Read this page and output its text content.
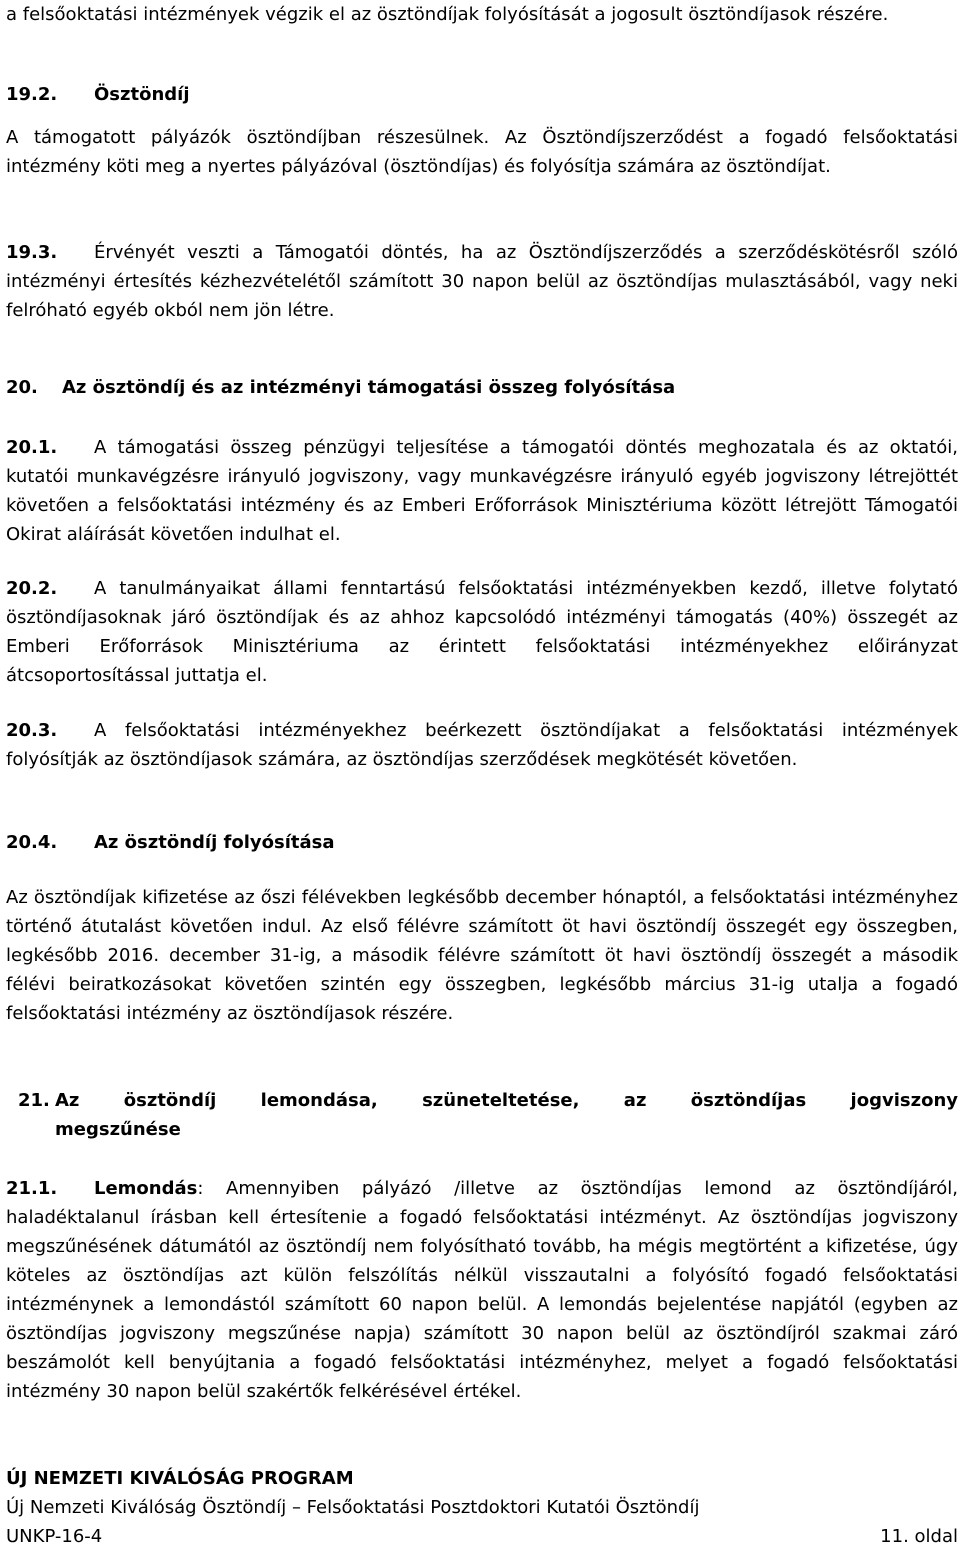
a felsőoktatási intézmények végzik el az ösztöndíjak folyósítását a jogosult ösztöndíjasok részére.
19.2. Ösztöndíj
A támogatott pályázók ösztöndíjban részesülnek. Az Ösztöndíjszerződést a fogadó felsőoktatási intézmény köti meg a nyertes pályázóval (ösztöndíjas) és folyósítja számára az ösztöndíjat.
19.3. Érvényét veszti a Támogatói döntés, ha az Ösztöndíjszerződés a szerződéskötésről szóló intézményi értesítés kézhezvételétől számított 30 napon belül az ösztöndíjas mulasztásából, vagy neki felróható egyéb okból nem jön létre.
20. Az ösztöndíj és az intézményi támogatási összeg folyósítása
20.1. A támogatási összeg pénzügyi teljesítése a támogatói döntés meghozatala és az oktatói, kutatói munkavégzésre irányuló jogviszony, vagy munkavégzésre irányuló egyéb jogviszony létrejöttét követően a felsőoktatási intézmény és az Emberi Erőforrások Minisztériuma között létrejött Támogatói Okirat aláírását követően indulhat el.
20.2. A tanulmányaikat állami fenntartású felsőoktatási intézményekben kezdő, illetve folytató ösztöndíjasoknak járó ösztöndíjak és az ahhoz kapcsolódó intézményi támogatás (40%) összegét az Emberi Erőforrások Minisztériuma az érintett felsőoktatási intézményekhez előirányzat átcsoportosítással juttatja el.
20.3. A felsőoktatási intézményekhez beérkezett ösztöndíjakat a felsőoktatási intézmények folyósítják az ösztöndíjasok számára, az ösztöndíjas szerződések megkötését követően.
20.4. Az ösztöndíj folyósítása
Az ösztöndíjak kifizetése az őszi félévekben legkésőbb december hónaptól, a felsőoktatási intézményhez történő átutalást követően indul. Az első félévre számított öt havi ösztöndíj összegét egy összegben, legkésőbb 2016. december 31-ig, a második félévre számított öt havi ösztöndíj összegét a második félévi beiratkozásokat követően szintén egy összegben, legkésőbb március 31-ig utalja a fogadó felsőoktatási intézmény az ösztöndíjasok részére.
21.1. Lemondás: Amennyiben pályázó /illetve az ösztöndíjas lemond az ösztöndíjáról, haladéktalanul írásban kell értesítenie a fogadó felsőoktatási intézményt. Az ösztöndíjas jogviszony megszűnésének dátumától az ösztöndíj nem folyósítható tovább, ha mégis megtörtént a kifizetése, úgy köteles az ösztöndíjas azt külön felszólítás nélkül visszautalni a folyósító fogadó felsőoktatási intézménynek a lemondástól számított 60 napon belül. A lemondás bejelentése napjától (egyben az ösztöndíjas jogviszony megszűnése napja) számított 30 napon belül az ösztöndíjról szakmai záró beszámolót kell benyújtania a fogadó felsőoktatási intézményhez, melyet a fogadó felsőoktatási intézmény 30 napon belül szakértők felkérésével értékel.
ÚJ NEMZETI KIVÁLÓSÁG PROGRAM
Új Nemzeti Kiválóság Ösztöndíj – Felsőoktatási Posztdoktori Kutatói Ösztöndíj
UNKP-16-4	11. oldal
21. Az ösztöndíj lemondása, szüneteltetése, az ösztöndíjas jogviszony
megszűnése
